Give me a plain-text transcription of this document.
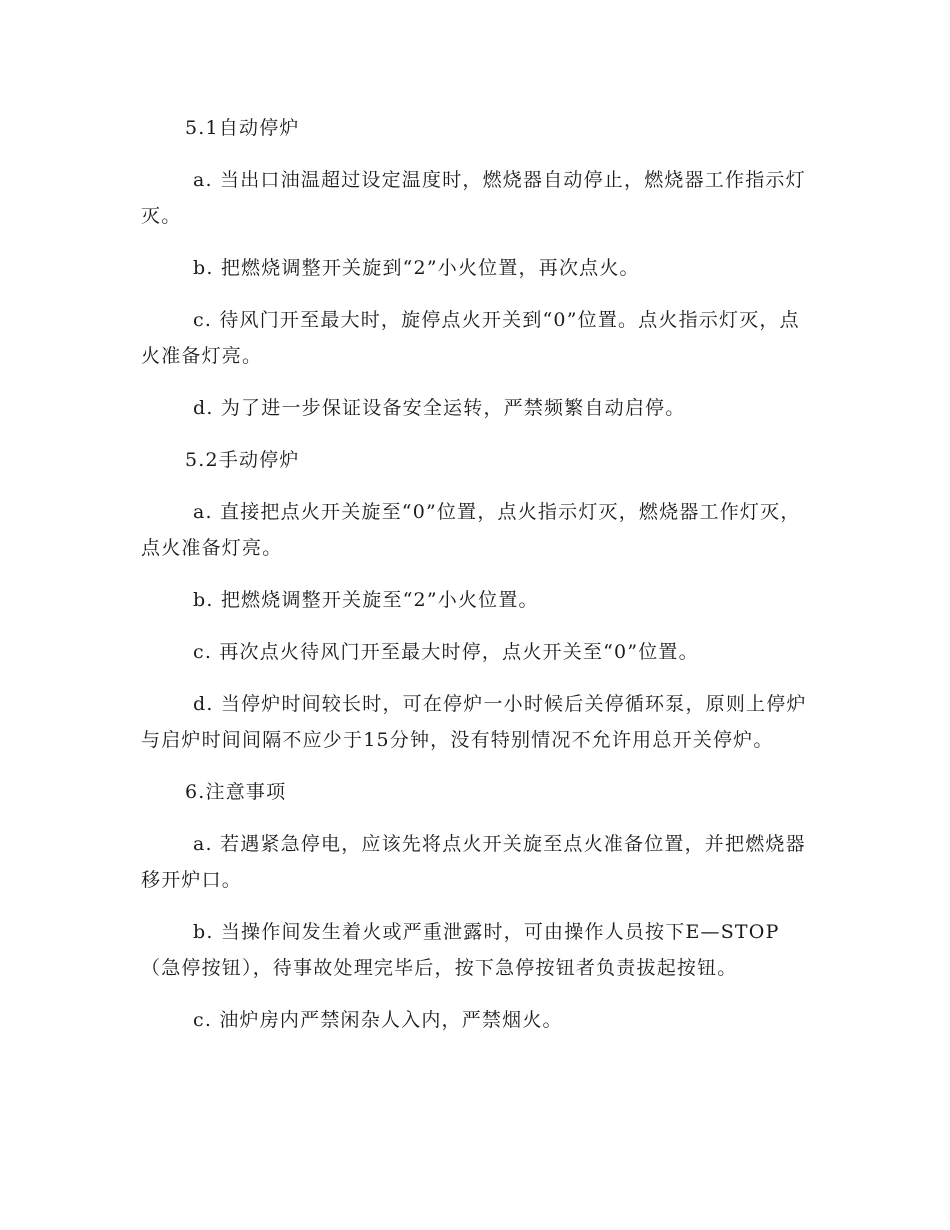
5.1自动停炉

a. 当出口油温超过设定温度时，燃烧器自动停止，燃烧器工作指示灯灭。

b. 把燃烧调整开关旋到“2”小火位置，再次点火。

c. 待风门开至最大时，旋停点火开关到“0”位置。点火指示灯灭，点火准备灯亮。

d. 为了进一步保证设备安全运转，严禁频繁自动启停。

5.2手动停炉

a. 直接把点火开关旋至“0”位置，点火指示灯灭，燃烧器工作灯灭，点火准备灯亮。

b. 把燃烧调整开关旋至“2”小火位置。

c. 再次点火待风门开至最大时停，点火开关至“0”位置。

d. 当停炉时间较长时，可在停炉一小时候后关停循环泵，原则上停炉与启炉时间间隔不应少于15分钟，没有特别情况不允许用总开关停炉。

6.注意事项

a. 若遇紧急停电，应该先将点火开关旋至点火准备位置，并把燃烧器移开炉口。

b. 当操作间发生着火或严重泄露时，可由操作人员按下E—STOP（急停按钮），待事故处理完毕后，按下急停按钮者负责拔起按钮。

c. 油炉房内严禁闲杂人入内，严禁烟火。
